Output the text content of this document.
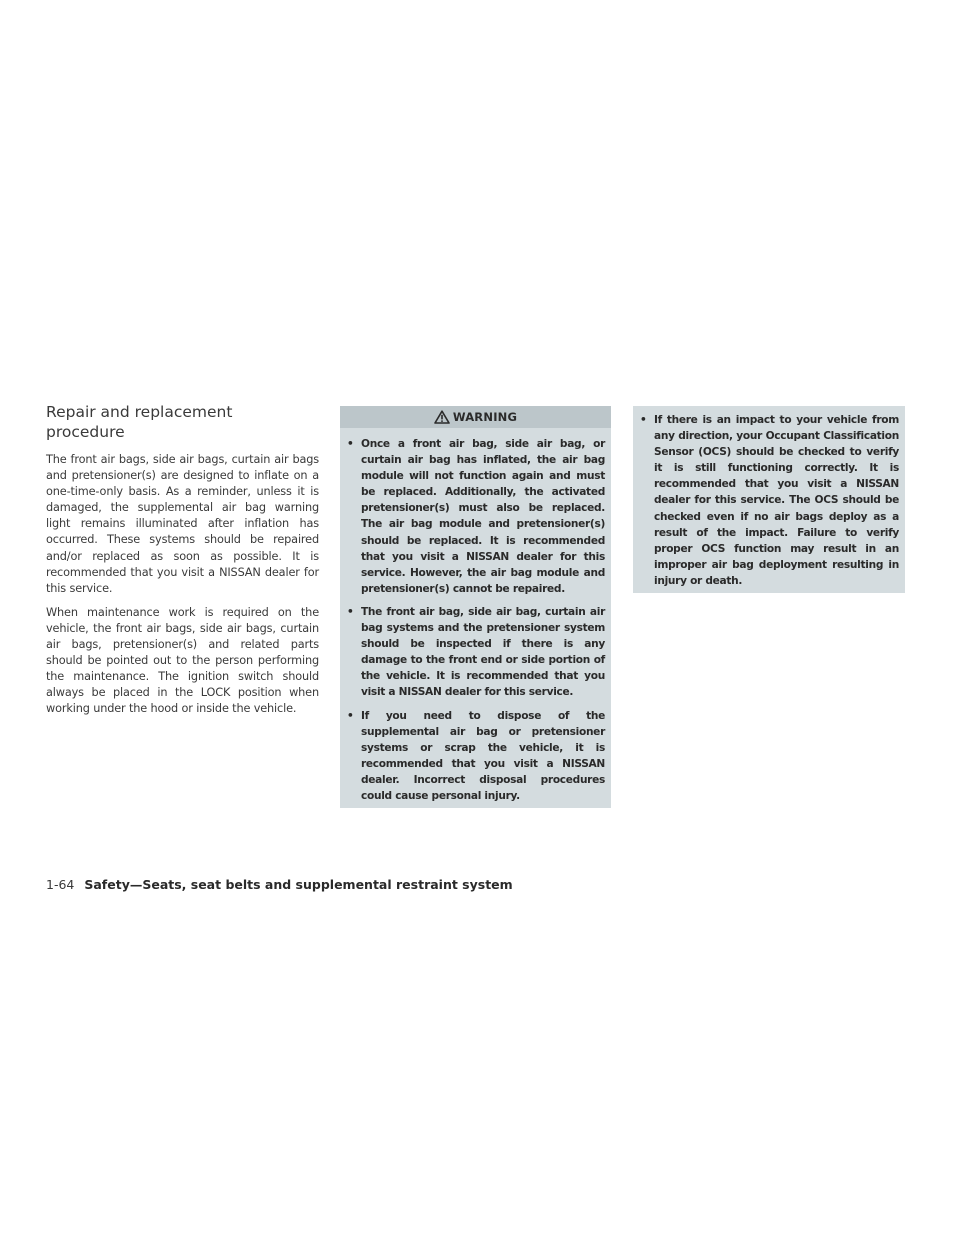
Repair and replacement
procedure

The front air bags, side air bags, curtain air bags and pretensioner(s) are designed to inflate on a one-time-only basis. As a reminder, unless it is damaged, the supplemental air bag warning light remains illuminated after inflation has occurred. These systems should be repaired and/or replaced as soon as possible. It is recommended that you visit a NISSAN dealer for this service.

When maintenance work is required on the vehicle, the front air bags, side air bags, curtain air bags, pretensioner(s) and related parts should be pointed out to the person performing the maintenance. The ignition switch should always be placed in the LOCK position when working under the hood or inside the vehicle.

WARNING
• Once a front air bag, side air bag, or curtain air bag has inflated, the air bag module will not function again and must be replaced. Additionally, the activated pretensioner(s) must also be replaced. The air bag module and pretensioner(s) should be replaced. It is recommended that you visit a NISSAN dealer for this service. However, the air bag module and pretensioner(s) cannot be repaired.
• The front air bag, side air bag, curtain air bag systems and the pretensioner system should be inspected if there is any damage to the front end or side portion of the vehicle. It is recommended that you visit a NISSAN dealer for this service.
• If you need to dispose of the supplemental air bag or pretensioner systems or scrap the vehicle, it is recommended that you visit a NISSAN dealer. Incorrect disposal procedures could cause personal injury.
• If there is an impact to your vehicle from any direction, your Occupant Classification Sensor (OCS) should be checked to verify it is still functioning correctly. It is recommended that you visit a NISSAN dealer for this service. The OCS should be checked even if no air bags deploy as a result of the impact. Failure to verify proper OCS function may result in an improper air bag deployment resulting in injury or death.
1-64 Safety—Seats, seat belts and supplemental restraint system
